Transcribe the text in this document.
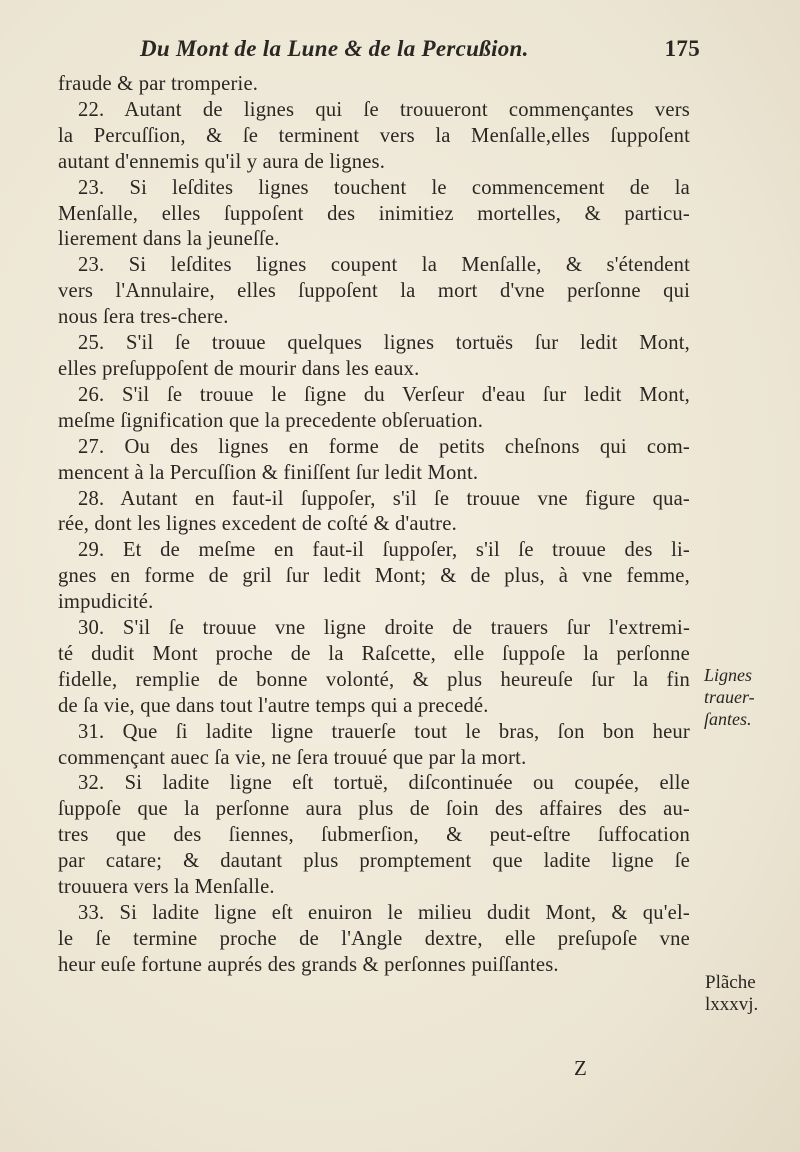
Du Mont de la Lune & de la Percußion.	175
fraude & par tromperie.
22. Autant de lignes qui ſe trouueront commençantes vers
la Percuſſion, & ſe terminent vers la Menſalle,elles ſuppoſent
autant d'ennemis qu'il y aura de lignes.
23. Si leſdites lignes touchent le commencement de la
Menſalle, elles ſuppoſent des inimitiez mortelles, & particu-
lierement dans la jeuneſſe.
23. Si leſdites lignes coupent la Menſalle, & s'étendent
vers l'Annulaire, elles ſuppoſent la mort d'vne perſonne qui
nous ſera tres-chere.
25. S'il ſe trouue quelques lignes tortuës ſur ledit Mont,
elles preſuppoſent de mourir dans les eaux.
26. S'il ſe trouue le ſigne du Verſeur d'eau ſur ledit Mont,
meſme ſignification que la precedente obſeruation.
27. Ou des lignes en forme de petits cheſnons qui com-
mencent à la Percuſſion & finiſſent ſur ledit Mont.
28. Autant en faut-il ſuppoſer, s'il ſe trouue vne figure qua-
rée, dont les lignes excedent de coſté & d'autre.
29. Et de meſme en faut-il ſuppoſer, s'il ſe trouue des li-
gnes en forme de gril ſur ledit Mont; & de plus, à vne femme,
impudicité.
30. S'il ſe trouue vne ligne droite de trauers ſur l'extremi-
té dudit Mont proche de la Raſcette, elle ſuppoſe la perſonne
fidelle, remplie de bonne volonté, & plus heureuſe ſur la fin
de ſa vie, que dans tout l'autre temps qui a precedé.
31. Que ſi ladite ligne trauerſe tout le bras, ſon bon heur
commençant auec ſa vie, ne ſera trouué que par la mort.
32. Si ladite ligne eſt tortuë, diſcontinuée ou coupée, elle
ſuppoſe que la perſonne aura plus de ſoin des affaires des au-
tres que des ſiennes, ſubmerſion, & peut-eſtre ſuffocation
par catare; & dautant plus promptement que ladite ligne ſe
trouuera vers la Menſalle.
33. Si ladite ligne eſt enuiron le milieu dudit Mont, & qu'el-
le ſe termine proche de l'Angle dextre, elle preſupoſe vne
heur euſe fortune auprés des grands & perſonnes puiſſantes.
Z
Lignes
trauer-
ſantes.
Plãche
lxxxvj.
